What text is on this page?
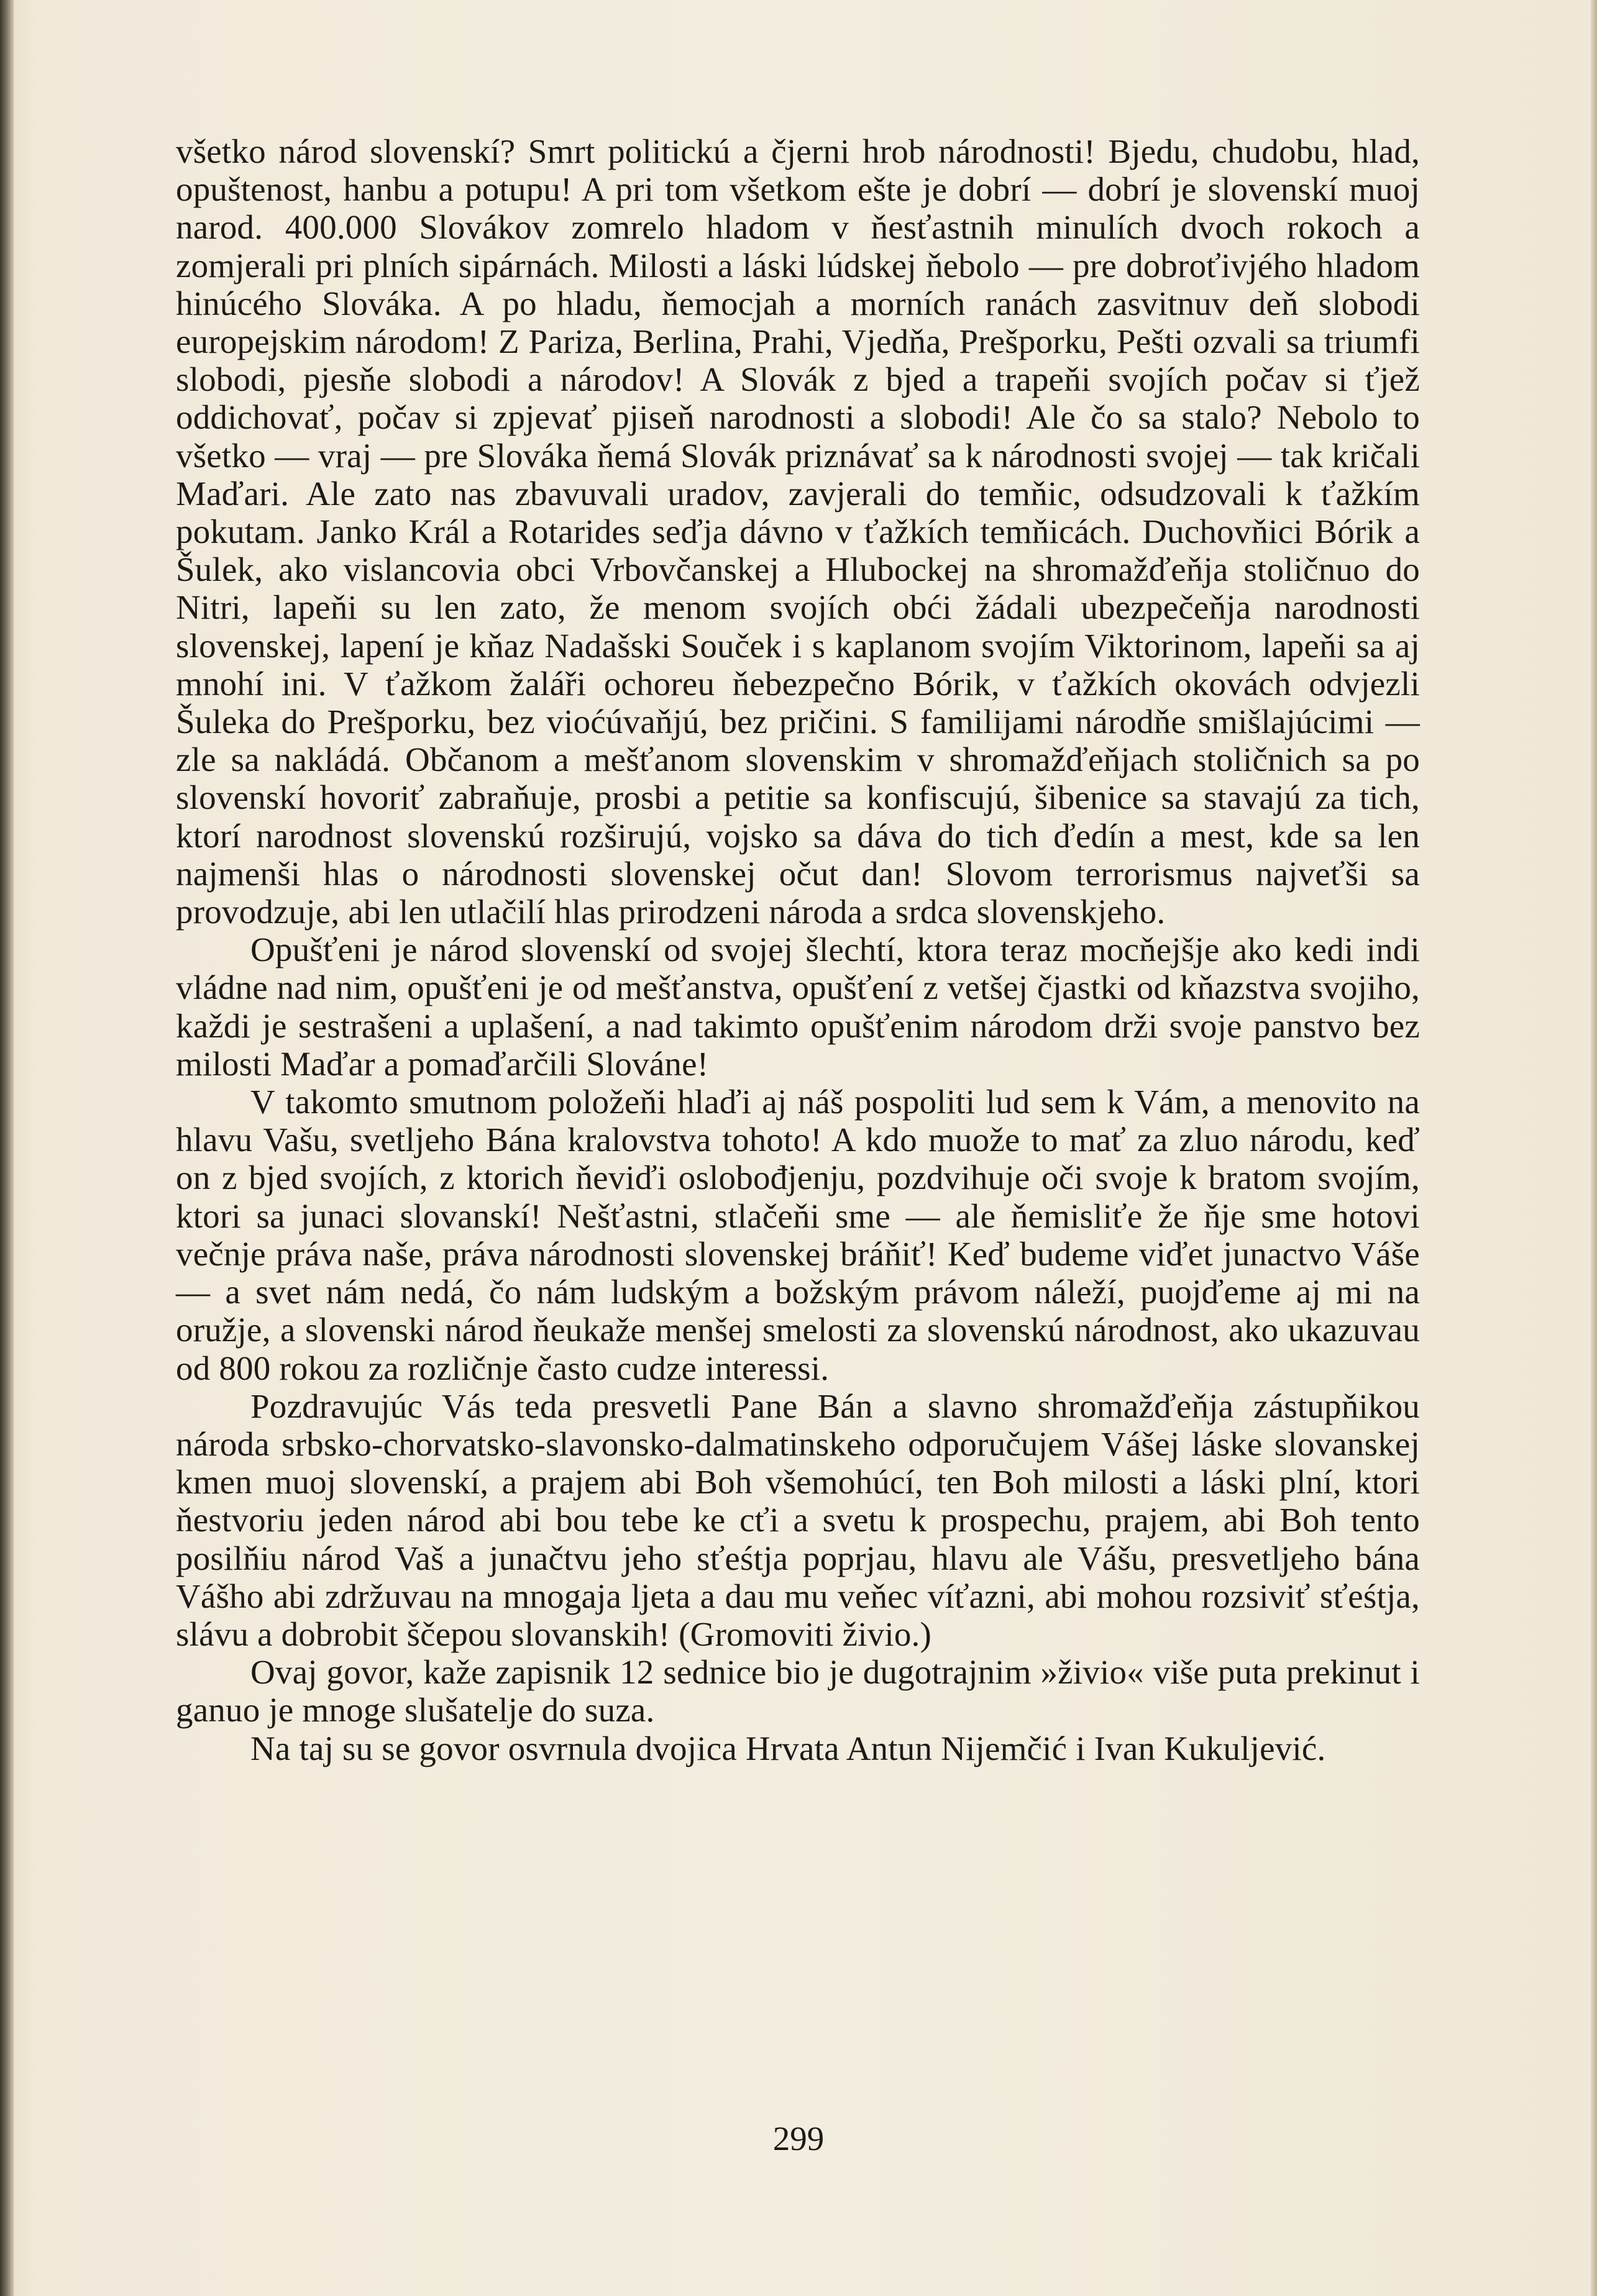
všetko národ slovenskí? Smrt politickú a čjerni hrob národnosti! Bjedu, chudobu, hlad, opuštenost, hanbu a potupu! A pri tom všetkom ešte je dobrí — dobrí je slovenskí muoj narod. 400.000 Slovákov zomrelo hladom v ňesťastnih minulích dvoch rokoch a zomjerali pri plních sipárnách. Milosti a láski lúdskej ňebolo — pre dobroťivjého hladom hinúcého Slováka. A po hladu, ňemocjah a morních ranách zasvitnuv deň slobodi europejskim národom! Z Pariza, Berlina, Prahi, Vjedňa, Prešporku, Pešti ozvali sa triumfi slobodi, pjesňe slobodi a národov! A Slovák z bjed a trapeňi svojích počav si ťjež oddichovať, počav si zpjevať pjiseň narodnosti a slobodi! Ale čo sa stalo? Nebolo to všetko — vraj — pre Slováka ňemá Slovák priznávať sa k národnosti svojej — tak kričali Maďari. Ale zato nas zbavuvali uradov, zavjerali do temňic, odsudzovali k ťažkím pokutam. Janko Král a Rotarides seďja dávno v ťažkích temňicách. Duchovňici Bórik a Šulek, ako vislancovia obci Vrbovčanskej a Hlubockej na shromažďeňja stoličnuo do Nitri, lapeňi su len zato, že menom svojích obći žádali ubezpečeňja narodnosti slovenskej, lapení je kňaz Nadašski Souček i s kaplanom svojím Viktorinom, lapeňi sa aj mnohí ini. V ťažkom žaláři ochoreu ňebezpečno Bórik, v ťažkích okovách odvjezli Šuleka do Prešporku, bez vioćúvaňjú, bez pričini. S familijami národňe smišlajúcimi — zle sa nakládá. Občanom a mešťanom slovenskim v shromažďeňjach stoličnich sa po slovenskí hovoriť zabraňuje, prosbi a petitie sa konfiscujú, šibenice sa stavajú za tich, ktorí narodnost slovenskú rozširujú, vojsko sa dáva do tich ďedín a mest, kde sa len najmenši hlas o národnosti slovenskej očut dan! Slovom terrorismus najveťši sa provodzuje, abi len utlačilí hlas prirodzeni národa a srdca slovenskjeho.

Opušťeni je národ slovenskí od svojej šlechtí, ktora teraz mocňejšje ako kedi indi vládne nad nim, opušťeni je od mešťanstva, opušťení z vetšej čjastki od kňazstva svojiho, každi je sestrašeni a uplašení, a nad takimto opušťenim národom drži svoje panstvo bez milosti Maďar a pomaďarčili Slováne!

V takomto smutnom položeňi hlaďi aj náš pospoliti lud sem k Vám, a menovito na hlavu Vašu, svetljeho Bána kralovstva tohoto! A kdo muože to mať za zluo národu, keď on z bjed svojích, z ktorich ňeviďi oslobođjenju, pozdvihuje oči svoje k bratom svojím, ktori sa junaci slovanskí! Nešťastni, stlačeňi sme — ale ňemisliťe že ňje sme hotovi večnje práva naše, práva národnosti slovenskej bráňiť! Keď budeme viďet junactvo Váše — a svet nám nedá, čo nám ludským a božským právom náleží, puojďeme aj mi na oružje, a slovenski národ ňeukaže menšej smelosti za slovenskú národnost, ako ukazuvau od 800 rokou za rozličnje často cudze interessi.

Pozdravujúc Vás teda presvetli Pane Bán a slavno shromažďeňja zástupňikou národa srbsko-chorvatsko-slavonsko-dalmatinskeho odporučujem Vášej láske slovanskej kmen muoj slovenskí, a prajem abi Boh všemohúcí, ten Boh milosti a láski plní, ktori ňestvoriu jeden národ abi bou tebe ke cťi a svetu k prospechu, prajem, abi Boh tento posilňiu národ Vaš a junačtvu jeho sťeśtja poprjau, hlavu ale Vášu, presvetljeho bána Vášho abi zdržuvau na mnogaja ljeta a dau mu veňec víťazni, abi mohou rozsiviť sťeśtja, slávu a dobrobit ščepou slovanskih! (Gromoviti živio.)

Ovaj govor, kaže zapisnik 12 sednice bio je dugotrajnim »živio« više puta prekinut i ganuo je mnoge slušatelje do suza.

Na taj su se govor osvrnula dvojica Hrvata Antun Nijemčić i Ivan Kukuljević.

299
